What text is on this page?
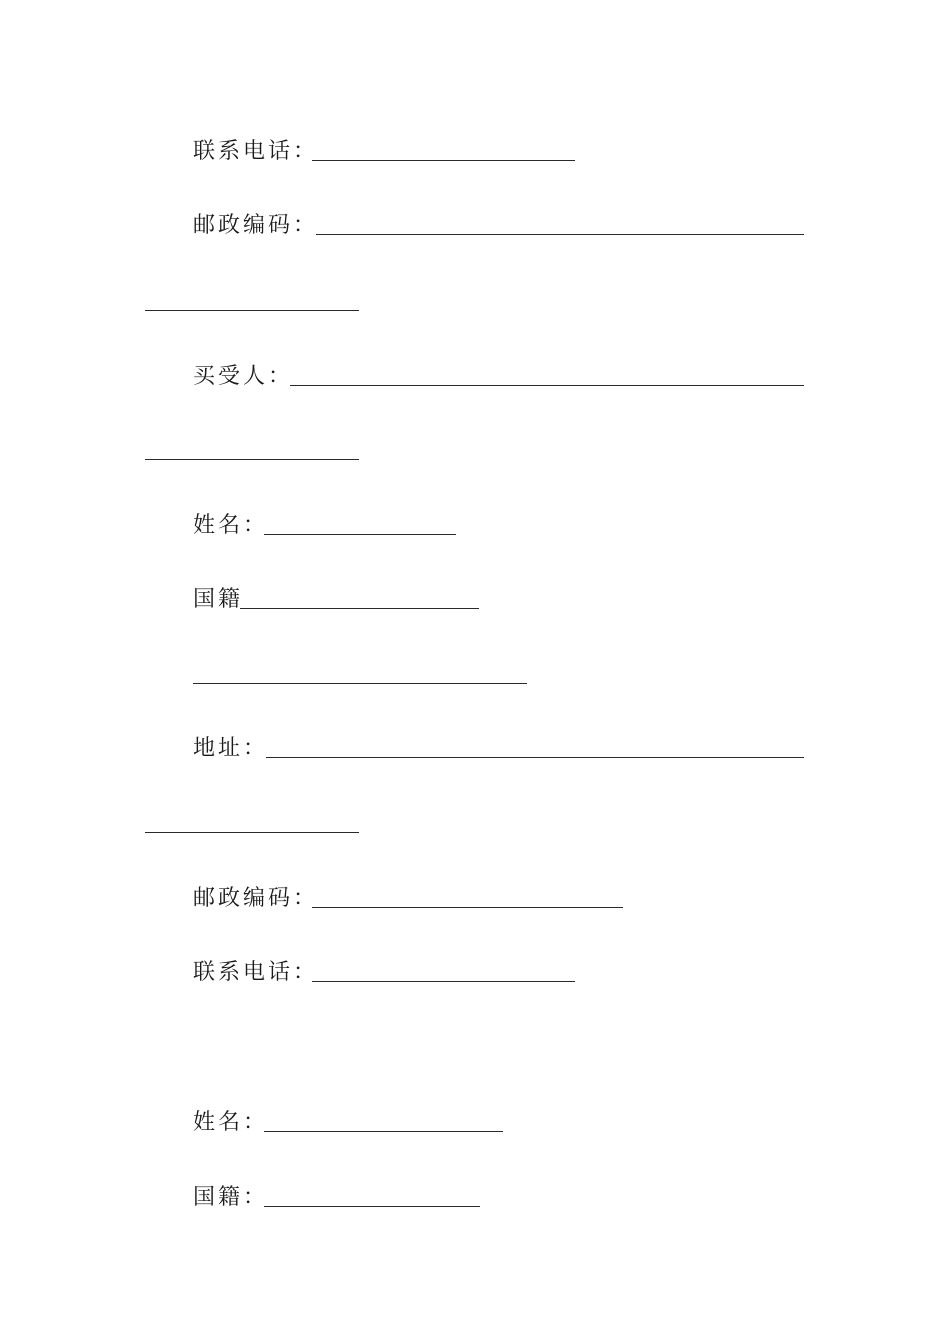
联系电话：
邮政编码：
买受人：
姓名：
国籍
地址：
邮政编码：
联系电话：
姓名：
国籍：
